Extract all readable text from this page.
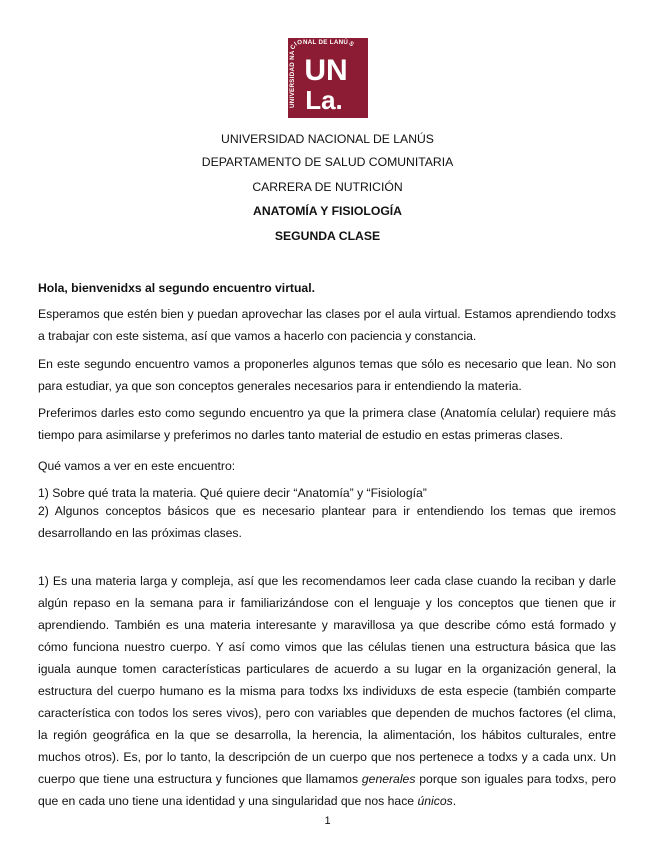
UNIVERSIDAD NACIONAL DE LANÚS
UN
La.
UNIVERSIDAD NACIONAL DE LANÚS
DEPARTAMENTO DE SALUD COMUNITARIA
CARRERA DE NUTRICIÓN
ANATOMÍA Y FISIOLOGÍA
SEGUNDA CLASE

Hola, bienvenidxs al segundo encuentro virtual.

Esperamos que estén bien y puedan aprovechar las clases por el aula virtual. Estamos aprendiendo todxs a trabajar con este sistema, así que vamos a hacerlo con paciencia y constancia.

En este segundo encuentro vamos a proponerles algunos temas que sólo es necesario que lean. No son para estudiar, ya que son conceptos generales necesarios para ir entendiendo la materia.

Preferimos darles esto como segundo encuentro ya que la primera clase (Anatomía celular) requiere más tiempo para asimilarse y preferimos no darles tanto material de estudio en estas primeras clases.

Qué vamos a ver en este encuentro:

1) Sobre qué trata la materia. Qué quiere decir “Anatomía” y “Fisiología”

2) Algunos conceptos básicos que es necesario plantear para ir entendiendo los temas que iremos desarrollando en las próximas clases.

1) Es una materia larga y compleja, así que les recomendamos leer cada clase cuando la reciban y darle algún repaso en la semana para ir familiarizándose con el lenguaje y los conceptos que tienen que ir aprendiendo. También es una materia interesante y maravillosa ya que describe cómo está formado y cómo funciona nuestro cuerpo. Y así como vimos que las células tienen una estructura básica que las iguala aunque tomen características particulares de acuerdo a su lugar en la organización general, la estructura del cuerpo humano es la misma para todxs lxs individuxs de esta especie (también comparte característica con todos los seres vivos), pero con variables que dependen de muchos factores (el clima, la región geográfica en la que se desarrolla, la herencia, la alimentación, los hábitos culturales, entre muchos otros). Es, por lo tanto, la descripción de un cuerpo que nos pertenece a todxs y a cada unx. Un cuerpo que tiene una estructura y funciones que llamamos generales porque son iguales para todxs, pero que en cada uno tiene una identidad y una singularidad que nos hace únicos.

1
